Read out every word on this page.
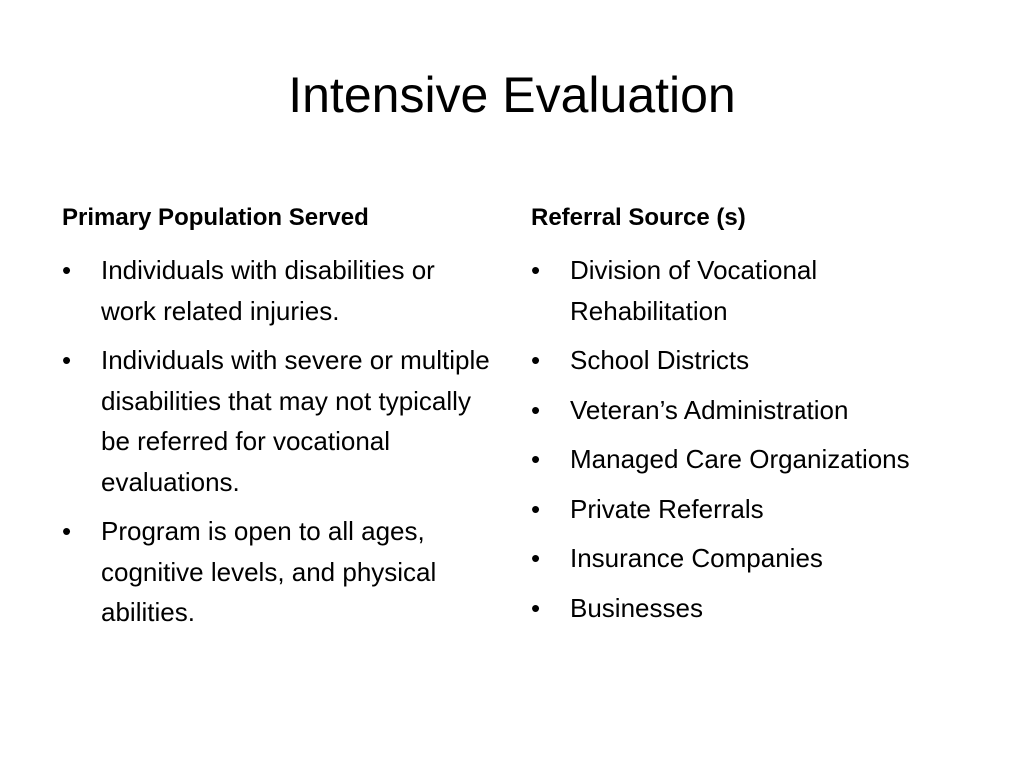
Intensive Evaluation
Primary Population Served
•	Individuals with disabilities or work related injuries.
•	Individuals with severe or multiple disabilities that may not typically be referred for vocational evaluations.
•	Program is open to all ages, cognitive levels, and physical abilities.
Referral Source (s)
•	Division of Vocational Rehabilitation
•	School Districts
•	Veteran’s Administration
•	Managed Care Organizations
•	Private Referrals
•	Insurance Companies
•	Businesses
